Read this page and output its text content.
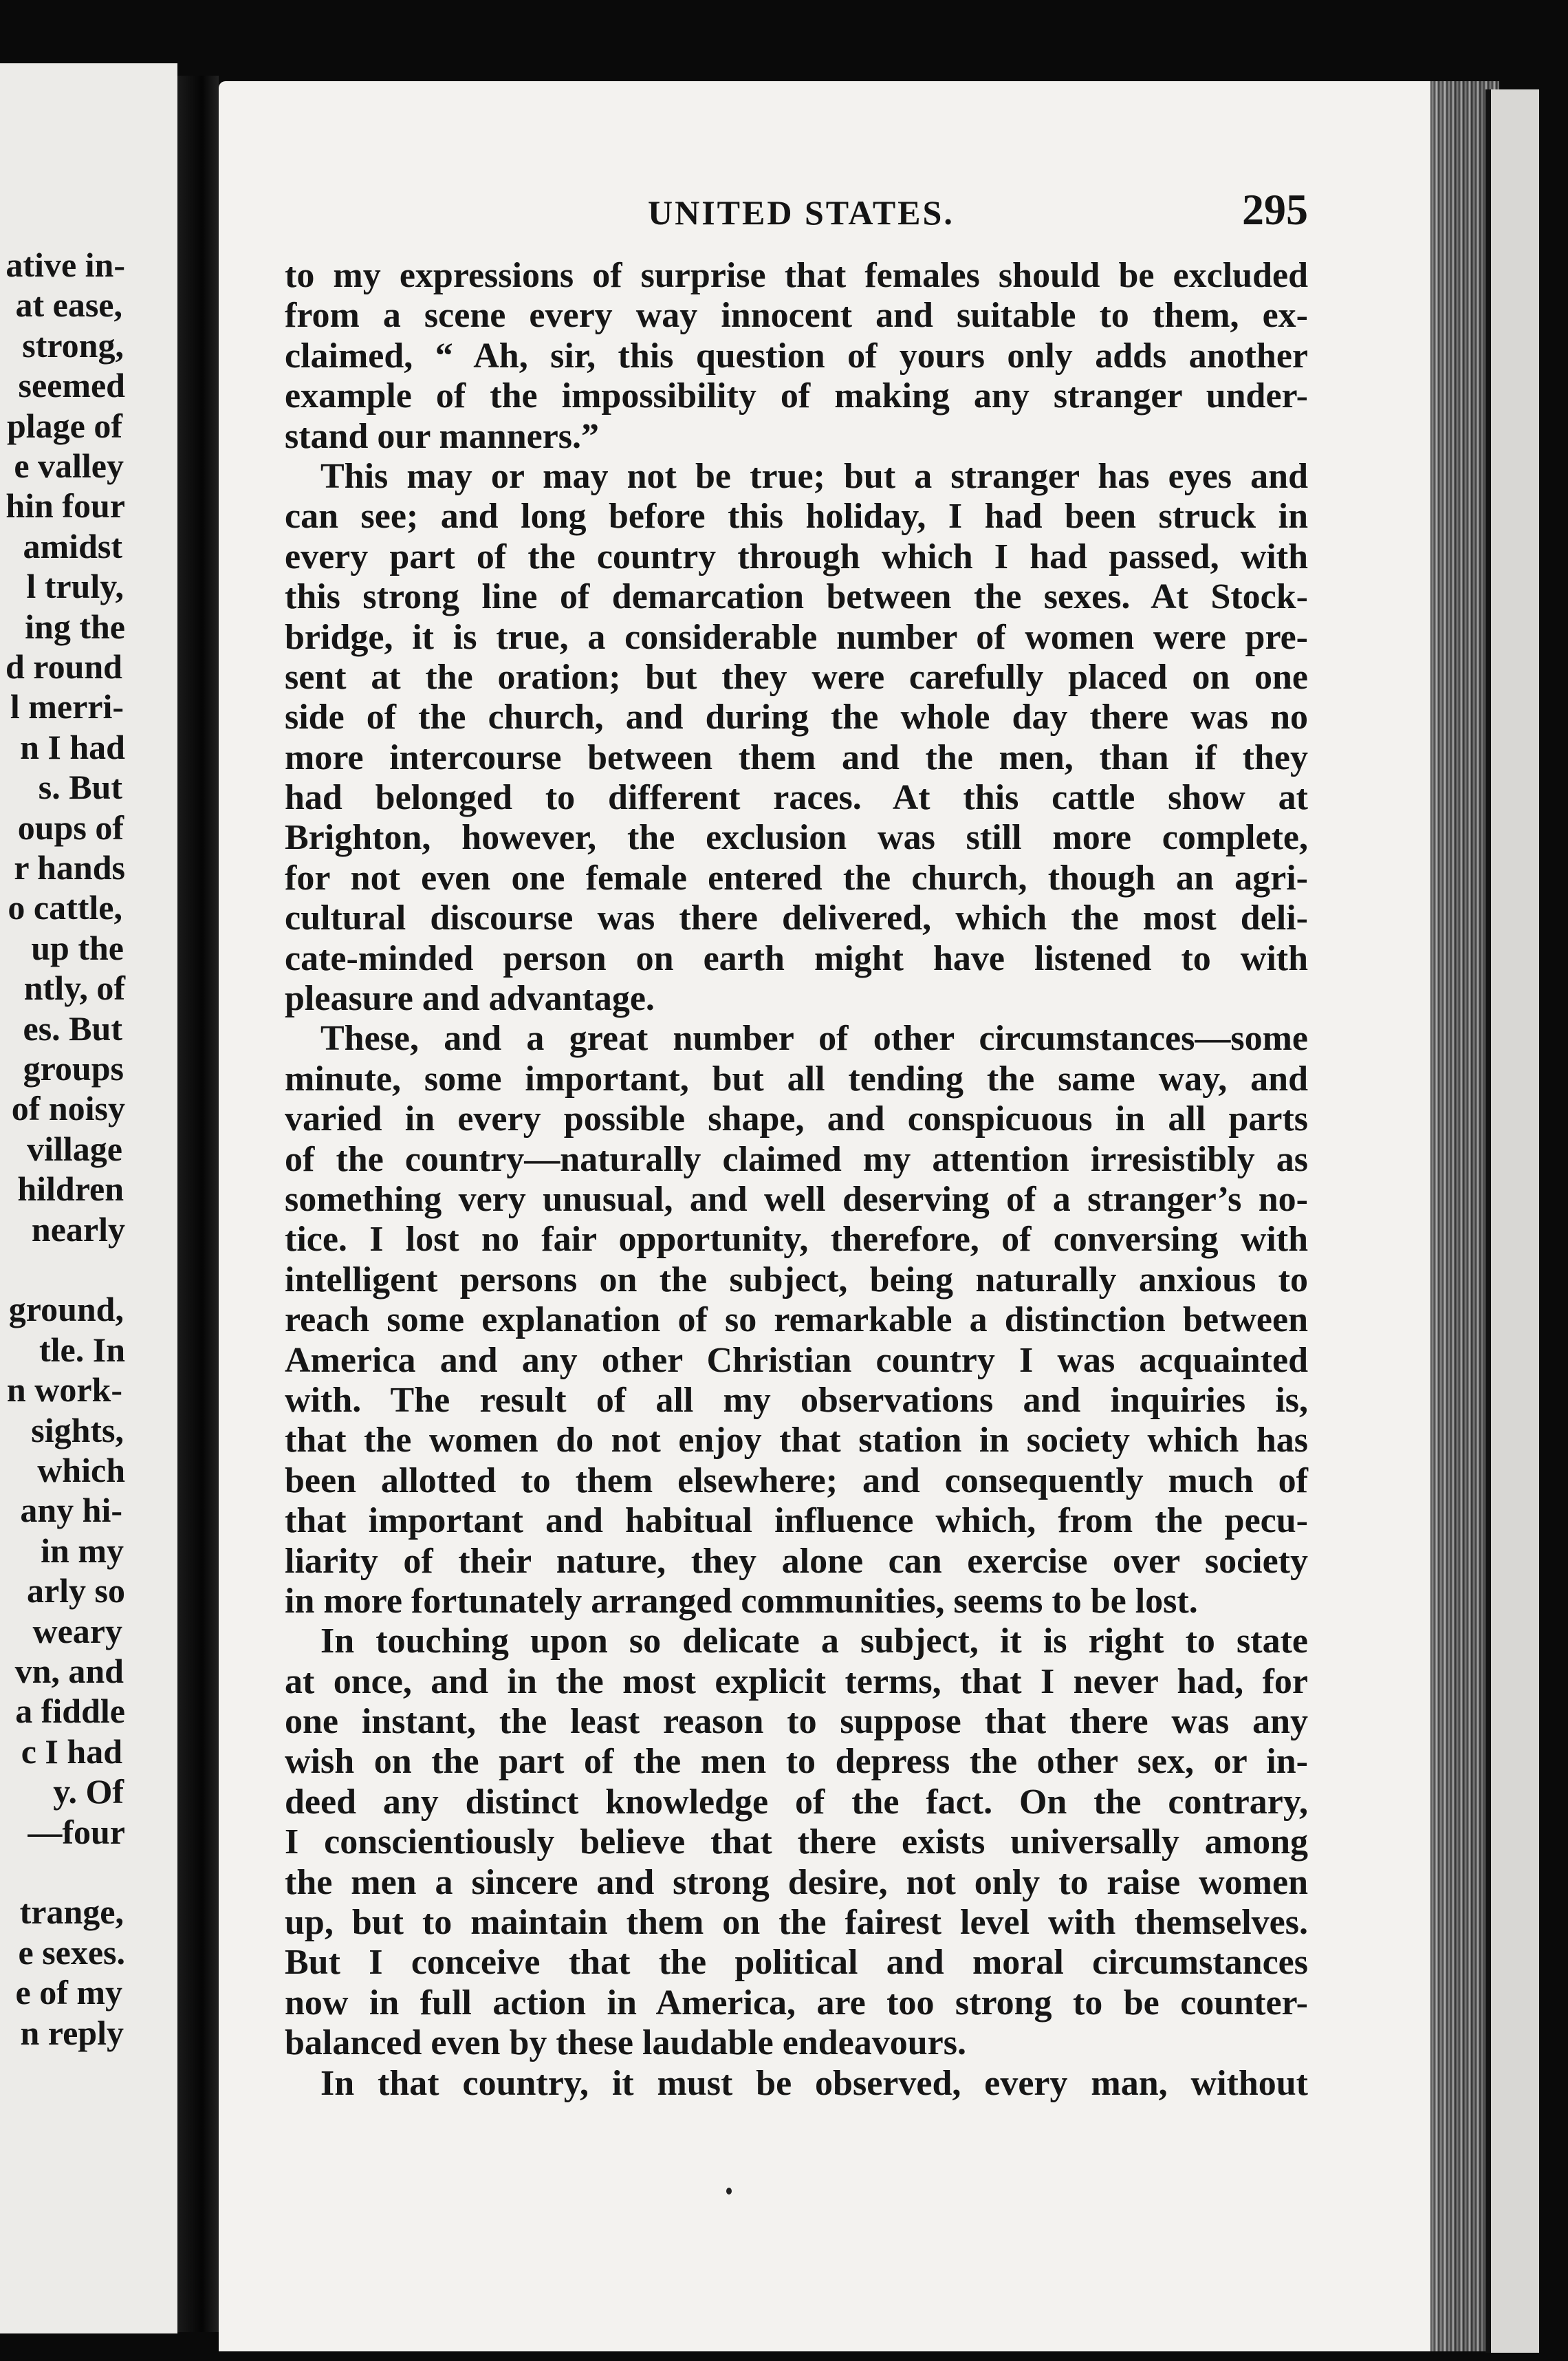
ative in-
at ease,
strong,
seemed
plage of
e valley
hin four
amidst
l truly,
ing the
d round
l merri-
n I had
s. But
oups of
r hands
o cattle,
up the
ntly, of
es. But
groups
of noisy
village
hildren
nearly
ground,
tle. In
n work-
sights,
which
any hi-
in my
arly so
weary
vn, and
a fiddle
c I had
y. Of
—four
trange,
e sexes.
e of my
n reply
UNITED STATES.	295
to my expressions of surprise that females should be excluded
from a scene every way innocent and suitable to them, ex-
claimed, “ Ah, sir, this question of yours only adds another
example of the impossibility of making any stranger under-
stand our manners.”
This may or may not be true; but a stranger has eyes and
can see; and long before this holiday, I had been struck in
every part of the country through which I had passed, with
this strong line of demarcation between the sexes. At Stock-
bridge, it is true, a considerable number of women were pre-
sent at the oration; but they were carefully placed on one
side of the church, and during the whole day there was no
more intercourse between them and the men, than if they
had belonged to different races. At this cattle show at
Brighton, however, the exclusion was still more complete,
for not even one female entered the church, though an agri-
cultural discourse was there delivered, which the most deli-
cate-minded person on earth might have listened to with
pleasure and advantage.
These, and a great number of other circumstances—some
minute, some important, but all tending the same way, and
varied in every possible shape, and conspicuous in all parts
of the country—naturally claimed my attention irresistibly as
something very unusual, and well deserving of a stranger’s no-
tice. I lost no fair opportunity, therefore, of conversing with
intelligent persons on the subject, being naturally anxious to
reach some explanation of so remarkable a distinction between
America and any other Christian country I was acquainted
with. The result of all my observations and inquiries is,
that the women do not enjoy that station in society which has
been allotted to them elsewhere; and consequently much of
that important and habitual influence which, from the pecu-
liarity of their nature, they alone can exercise over society
in more fortunately arranged communities, seems to be lost.
In touching upon so delicate a subject, it is right to state
at once, and in the most explicit terms, that I never had, for
one instant, the least reason to suppose that there was any
wish on the part of the men to depress the other sex, or in-
deed any distinct knowledge of the fact. On the contrary,
I conscientiously believe that there exists universally among
the men a sincere and strong desire, not only to raise women
up, but to maintain them on the fairest level with themselves.
But I conceive that the political and moral circumstances
now in full action in America, are too strong to be counter-
balanced even by these laudable endeavours.
In that country, it must be observed, every man, without
